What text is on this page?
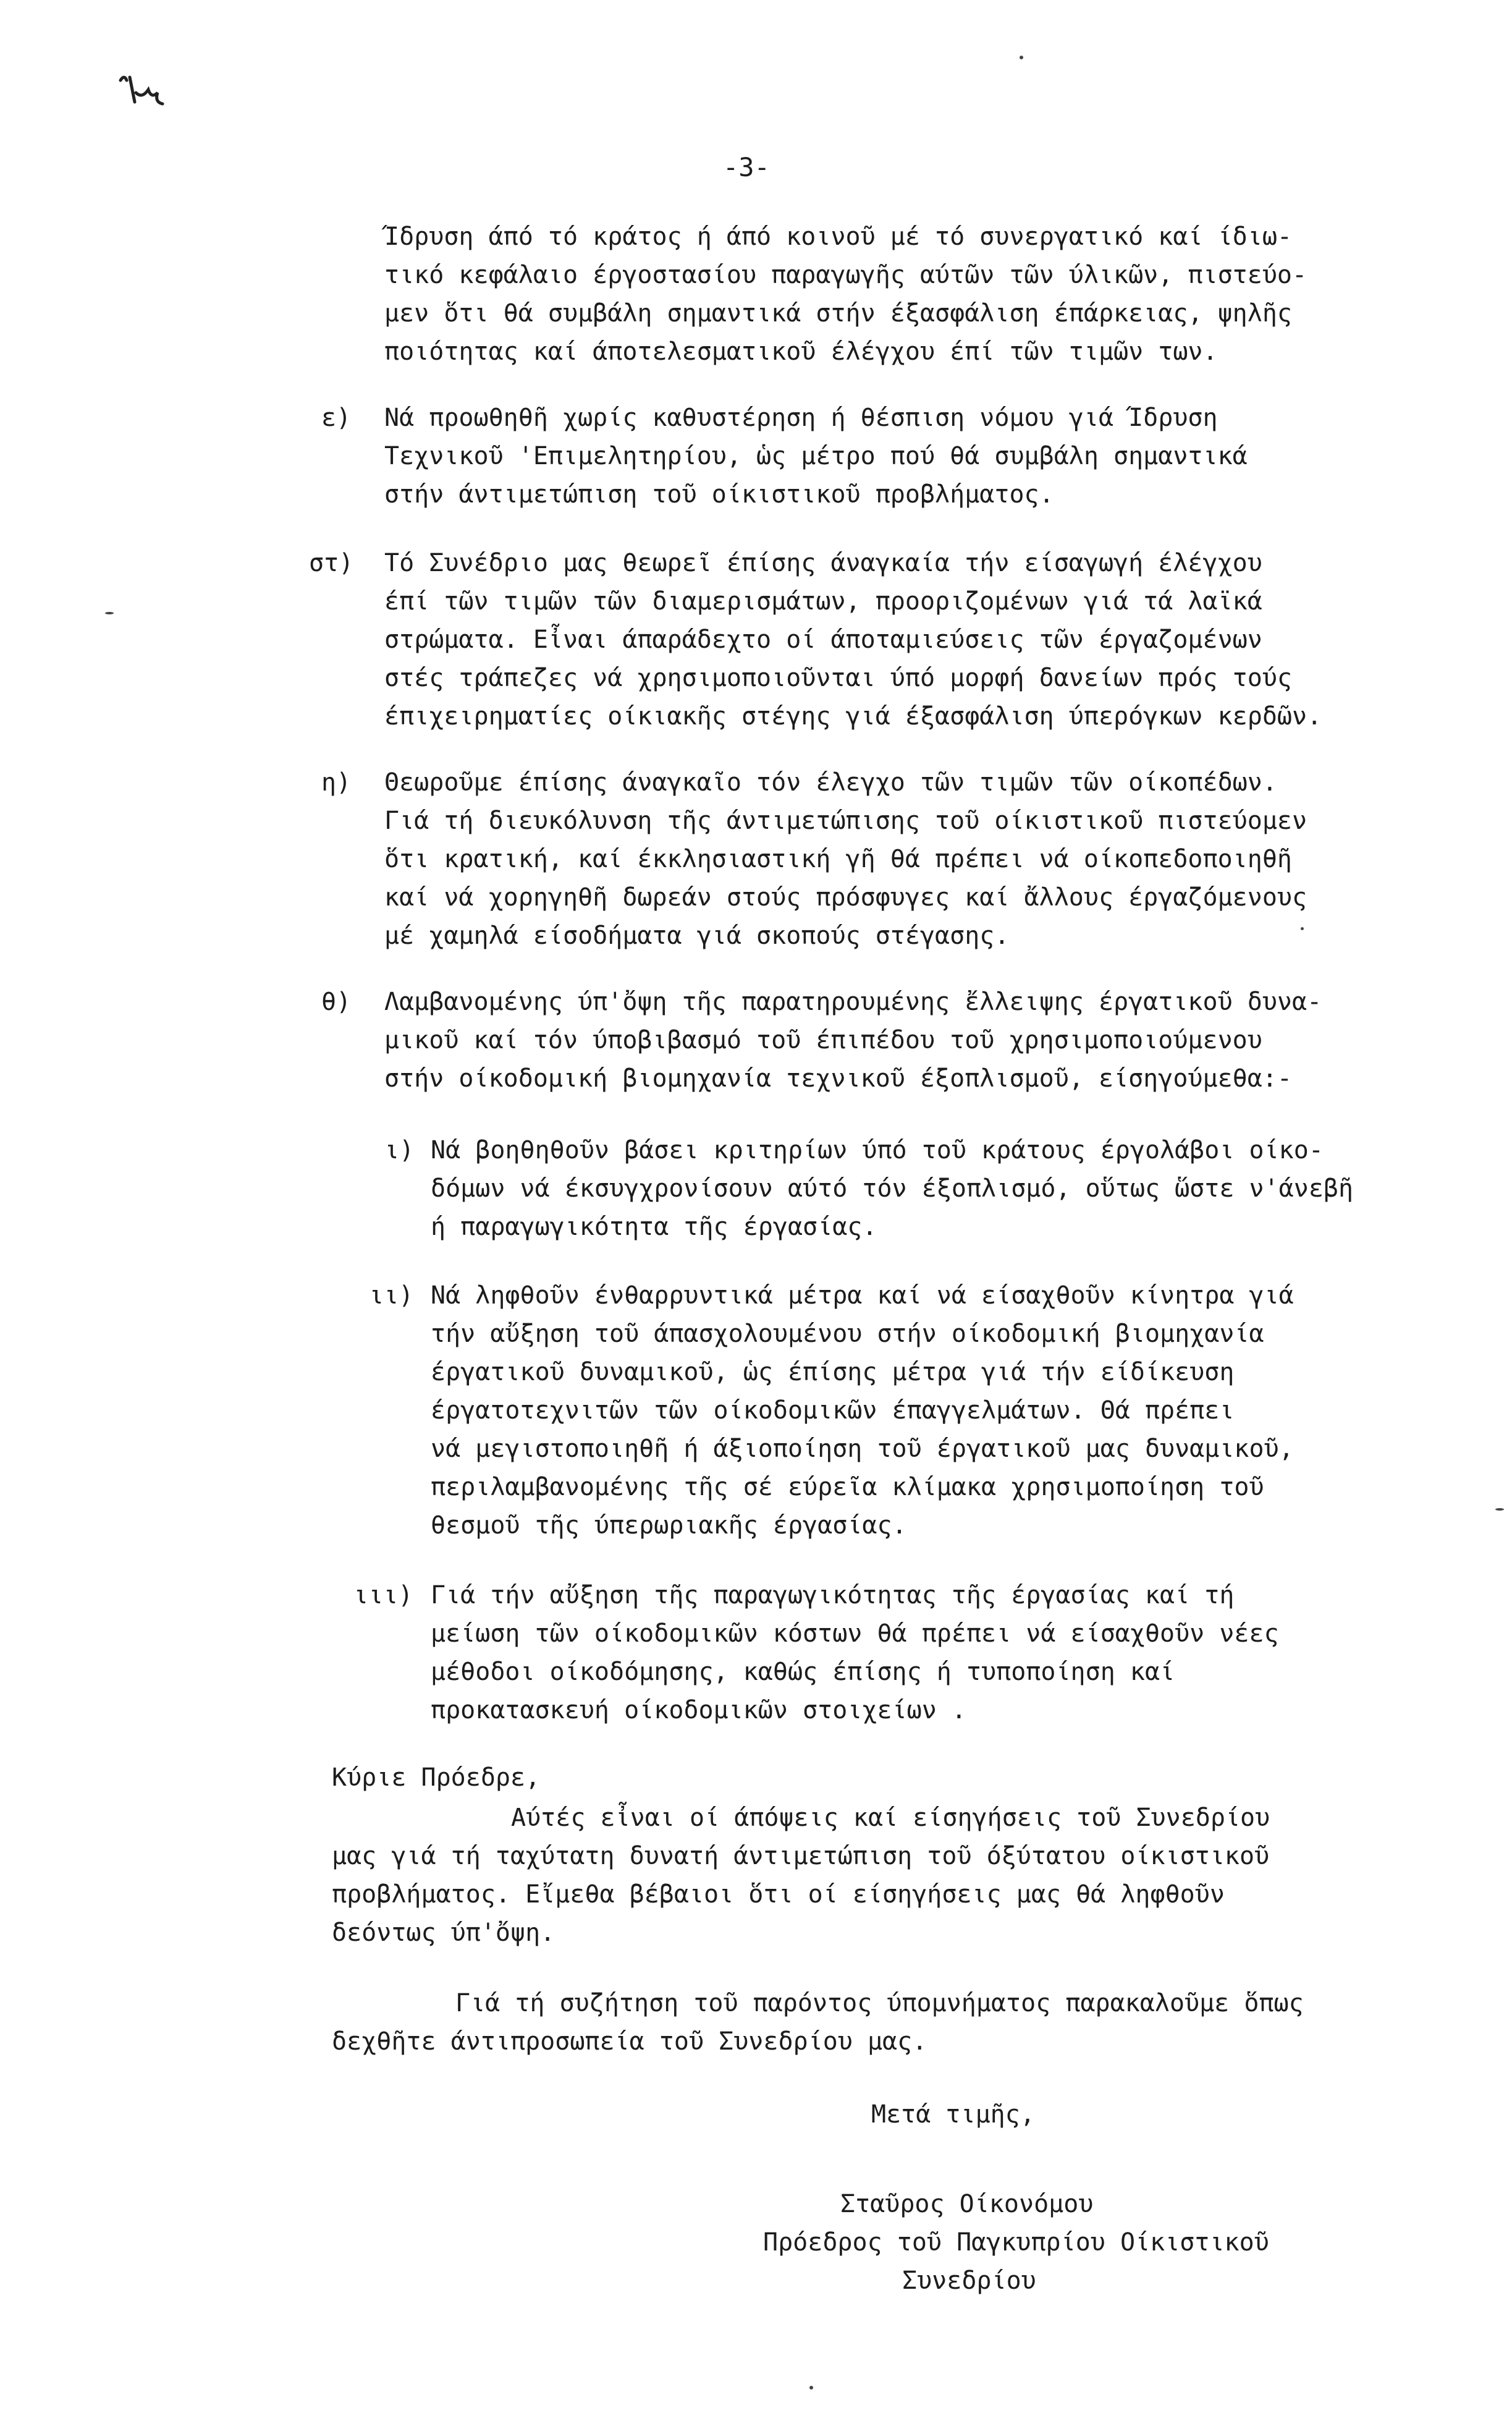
-3-
Ίδρυση άπό τό κράτος ή άπό κοινοῦ μέ τό συνεργατικό καί ίδιω-
τικό κεφάλαιο έργοστασίου παραγωγῆς αύτῶν τῶν ύλικῶν, πιστεύο-
μεν ὅτι θά συμβάλη σημαντικά στήν έξασφάλιση έπάρκειας, ψηλῆς
ποιότητας καί άποτελεσματικοῦ έλέγχου έπί τῶν τιμῶν των.
ε) Νά προωθηθῆ χωρίς καθυστέρηση ή θέσπιση νόμου γιά Ίδρυση
Τεχνικοῦ 'Επιμελητηρίου, ὡς μέτρο πού θά συμβάλη σημαντικά
στήν άντιμετώπιση τοῦ οίκιστικοῦ προβλήματος.
στ) Τό Συνέδριο μας θεωρεῖ έπίσης άναγκαία τήν είσαγωγή έλέγχου
έπί τῶν τιμῶν τῶν διαμερισμάτων, προοριζομένων γιά τά λαϊκά
στρώματα. Εἶναι άπαράδεχτο οί άποταμιεύσεις τῶν έργαζομένων
στές τράπεζες νά χρησιμοποιοῦνται ύπό μορφή δανείων πρός τούς
έπιχειρηματίες οίκιακῆς στέγης γιά έξασφάλιση ύπερόγκων κερδῶν.
η) Θεωροῦμε έπίσης άναγκαῖο τόν έλεγχο τῶν τιμῶν τῶν οίκοπέδων.
Γιά τή διευκόλυνση τῆς άντιμετώπισης τοῦ οίκιστικοῦ πιστεύομεν
ὅτι κρατική, καί έκκλησιαστική γῆ θά πρέπει νά οίκοπεδοποιηθῆ
καί νά χορηγηθῆ δωρεάν στούς πρόσφυγες καί ἄλλους έργαζόμενους
μέ χαμηλά είσοδήματα γιά σκοπούς στέγασης.
θ) Λαμβανομένης ύπ'ὄψη τῆς παρατηρουμένης ἔλλειψης έργατικοῦ δυνα-
μικοῦ καί τόν ύποβιβασμό τοῦ έπιπέδου τοῦ χρησιμοποιούμενου
στήν οίκοδομική βιομηχανία τεχνικοῦ έξοπλισμοῦ, είσηγούμεθα:-
ι) Νά βοηθηθοῦν βάσει κριτηρίων ύπό τοῦ κράτους έργολάβοι οίκο-
δόμων νά έκσυγχρονίσουν αύτό τόν έξοπλισμό, οὕτως ὥστε ν'άνεβῆ
ή παραγωγικότητα τῆς έργασίας.
ιι) Νά ληφθοῦν ένθαρρυντικά μέτρα καί νά είσαχθοῦν κίνητρα γιά
τήν αὔξηση τοῦ άπασχολουμένου στήν οίκοδομική βιομηχανία
έργατικοῦ δυναμικοῦ, ὡς έπίσης μέτρα γιά τήν είδίκευση
έργατοτεχνιτῶν τῶν οίκοδομικῶν έπαγγελμάτων. Θά πρέπει
νά μεγιστοποιηθῆ ή άξιοποίηση τοῦ έργατικοῦ μας δυναμικοῦ,
περιλαμβανομένης τῆς σέ εύρεῖα κλίμακα χρησιμοποίηση τοῦ
θεσμοῦ τῆς ύπερωριακῆς έργασίας.
ιιι) Γιά τήν αὔξηση τῆς παραγωγικότητας τῆς έργασίας καί τή
μείωση τῶν οίκοδομικῶν κόστων θά πρέπει νά είσαχθοῦν νέες
μέθοδοι οίκοδόμησης, καθώς έπίσης ή τυποποίηση καί
προκατασκευή οίκοδομικῶν στοιχείων .
Κύριε Πρόεδρε,
Αύτές εἶναι οί άπόψεις καί είσηγήσεις τοῦ Συνεδρίου
μας γιά τή ταχύτατη δυνατή άντιμετώπιση τοῦ όξύτατου οίκιστικοῦ
προβλήματος. Εἴμεθα βέβαιοι ὅτι οί είσηγήσεις μας θά ληφθοῦν
δεόντως ύπ'ὄψη.
Γιά τή συζήτηση τοῦ παρόντος ύπομνήματος παρακαλοῦμε ὅπως
δεχθῆτε άντιπροσωπεία τοῦ Συνεδρίου μας.
Μετά τιμῆς,
Σταῦρος Οίκονόμου
Πρόεδρος τοῦ Παγκυπρίου Οίκιστικοῦ
Συνεδρίου
